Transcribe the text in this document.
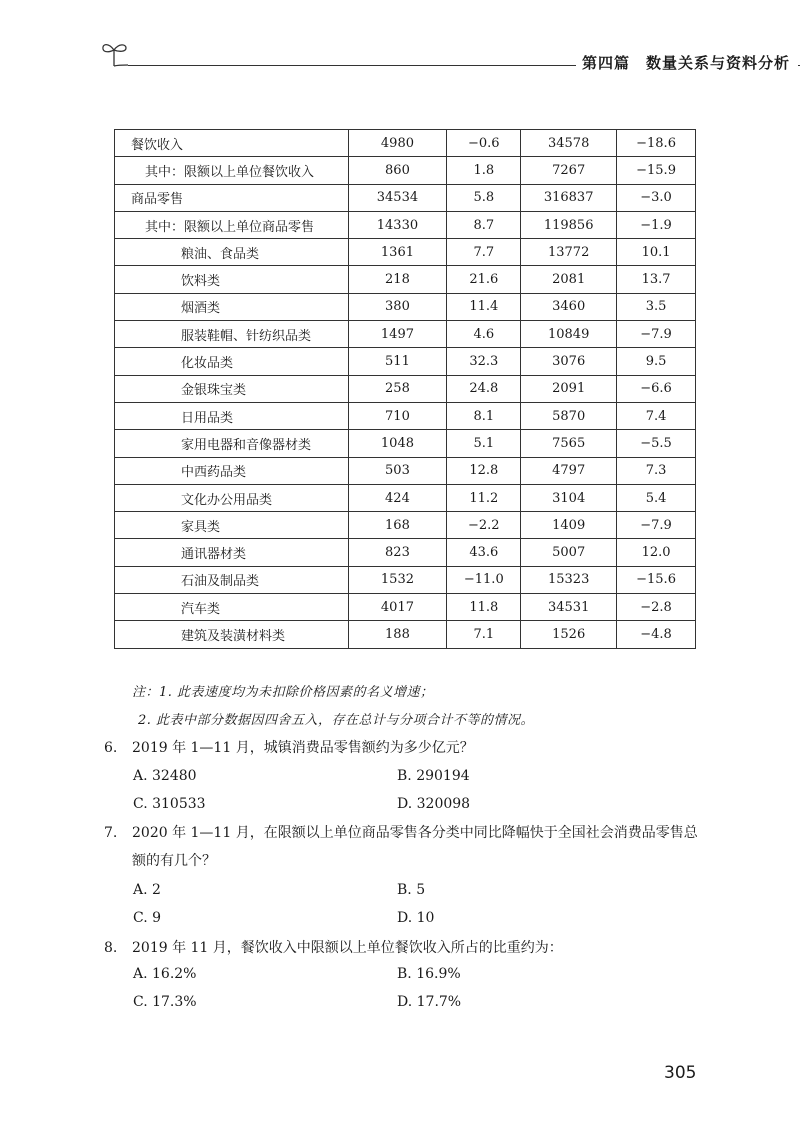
第四篇　数量关系与资料分析
餐饮收入	4980	−0.6	34578	−18.6
其中：限额以上单位餐饮收入	860	1.8	7267	−15.9
商品零售	34534	5.8	316837	−3.0
其中：限额以上单位商品零售	14330	8.7	119856	−1.9
粮油、食品类	1361	7.7	13772	10.1
饮料类	218	21.6	2081	13.7
烟酒类	380	11.4	3460	3.5
服装鞋帽、针纺织品类	1497	4.6	10849	−7.9
化妆品类	511	32.3	3076	9.5
金银珠宝类	258	24.8	2091	−6.6
日用品类	710	8.1	5870	7.4
家用电器和音像器材类	1048	5.1	7565	−5.5
中西药品类	503	12.8	4797	7.3
文化办公用品类	424	11.2	3104	5.4
家具类	168	−2.2	1409	−7.9
通讯器材类	823	43.6	5007	12.0
石油及制品类	1532	−11.0	15323	−15.6
汽车类	4017	11.8	34531	−2.8
建筑及装潢材料类	188	7.1	1526	−4.8
注：1. 此表速度均为未扣除价格因素的名义增速；
2. 此表中部分数据因四舍五入，存在总计与分项合计不等的情况。
6. 2019 年 1—11 月，城镇消费品零售额约为多少亿元？
A. 32480	B. 290194
C. 310533	D. 320098
7. 2020 年 1—11 月，在限额以上单位商品零售各分类中同比降幅快于全国社会消费品零售总额的有几个？
A. 2	B. 5
C. 9	D. 10
8. 2019 年 11 月，餐饮收入中限额以上单位餐饮收入所占的比重约为：
A. 16.2%	B. 16.9%
C. 17.3%	D. 17.7%
305
